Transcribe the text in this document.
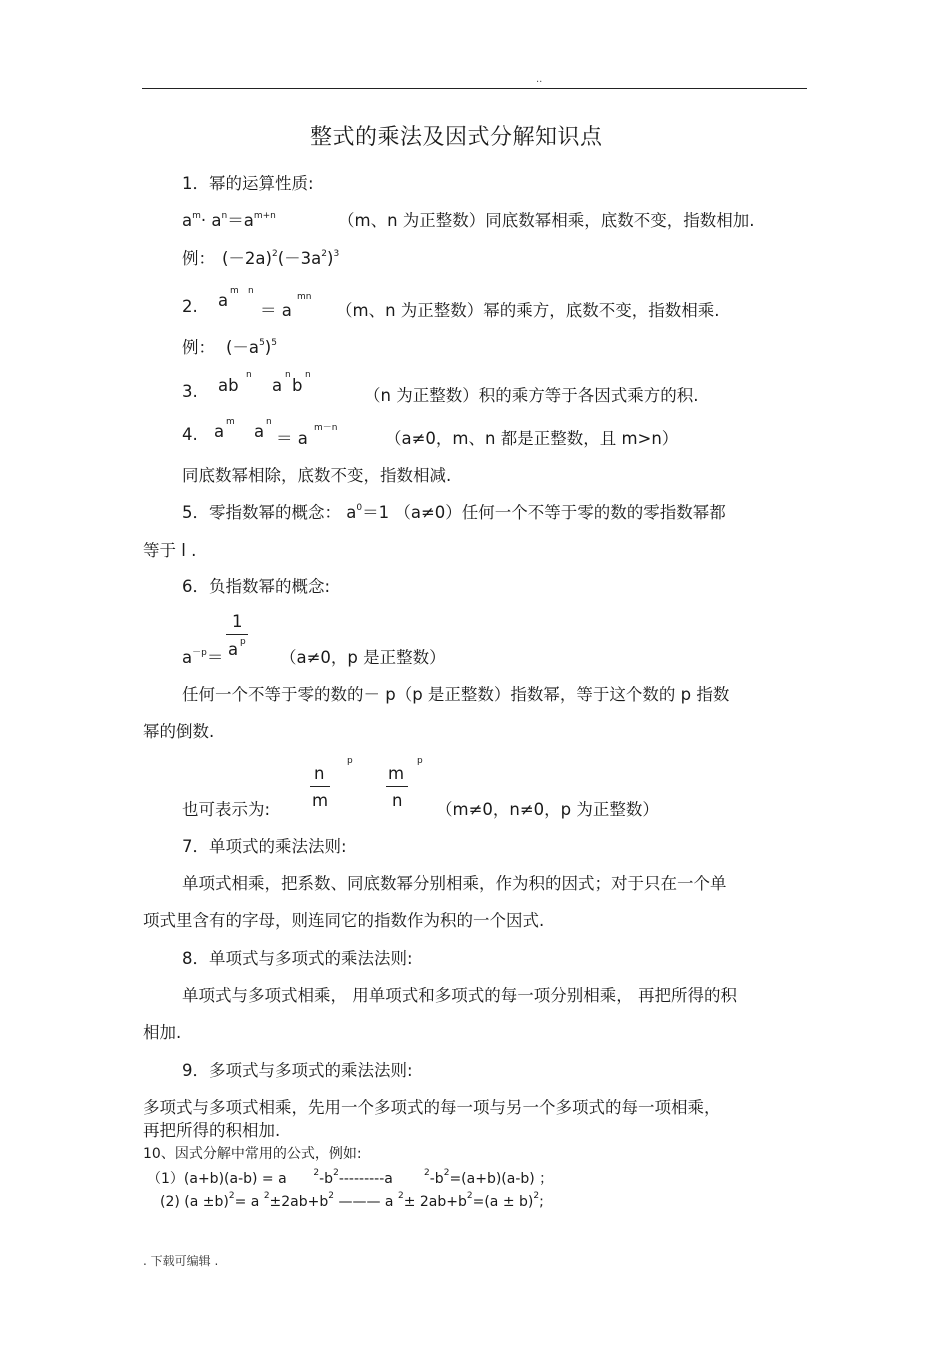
..
整式的乘法及因式分解知识点
1．幂的运算性质:
$a^m\cdot a^n=a^{m+n}$	（m、n 为正整数）同底数幂相乘，底数不变，指数相加.
例： $(-2a)^2(-3a^2)^3$
2. a m n
＝ a
mn
（m、n 为正整数）幂的乘方，底数不变，指数相乘.
例： $(-a^5)^5$
3. ab
n
a
n
b
n
（n 为正整数）积的乘方等于各因式乘方的积.
4. a m a n
＝ a
m－n
（a≠0，m、n 都是正整数，且 m>n）
同底数幂相除，底数不变，指数相减.
5．零指数幂的概念： $a^0=1$ （a≠0）任何一个不等于零的数的零指数幂都
等于 l .
6．负指数幂的概念:
1
$a^{-p}= a$ p
（a≠0，p 是正整数）
任何一个不等于零的数的－ p（p 是正整数）指数幂，等于这个数的 p 指数
幂的倒数.
n
m
p
m
n
p
也可表示为:	（m≠0，n≠0，p 为正整数）
7．单项式的乘法法则:
单项式相乘，把系数、同底数幂分别相乘，作为积的因式；对于只在一个单
项式里含有的字母，则连同它的指数作为积的一个因式.
8．单项式与多项式的乘法法则:
单项式与多项式相乘， 用单项式和多项式的每一项分别相乘， 再把所得的积
相加.
9．多项式与多项式的乘法法则:
多项式与多项式相乘，先用一个多项式的每一项与另一个多项式的每一项相乘，
再把所得的积相加.
10、因式分解中常用的公式，例如:
（1）(a+b)(a-b) = a	$^2-b^2---------a$	$^2-b^2=(a+b)(a-b)$ ；
(2) $(a \pm b)^2= a$ $^2\pm 2ab+b^2$ ——— a $^2\pm 2ab+b^2=(a \pm b)^2$;
. 下载可编辑 .
